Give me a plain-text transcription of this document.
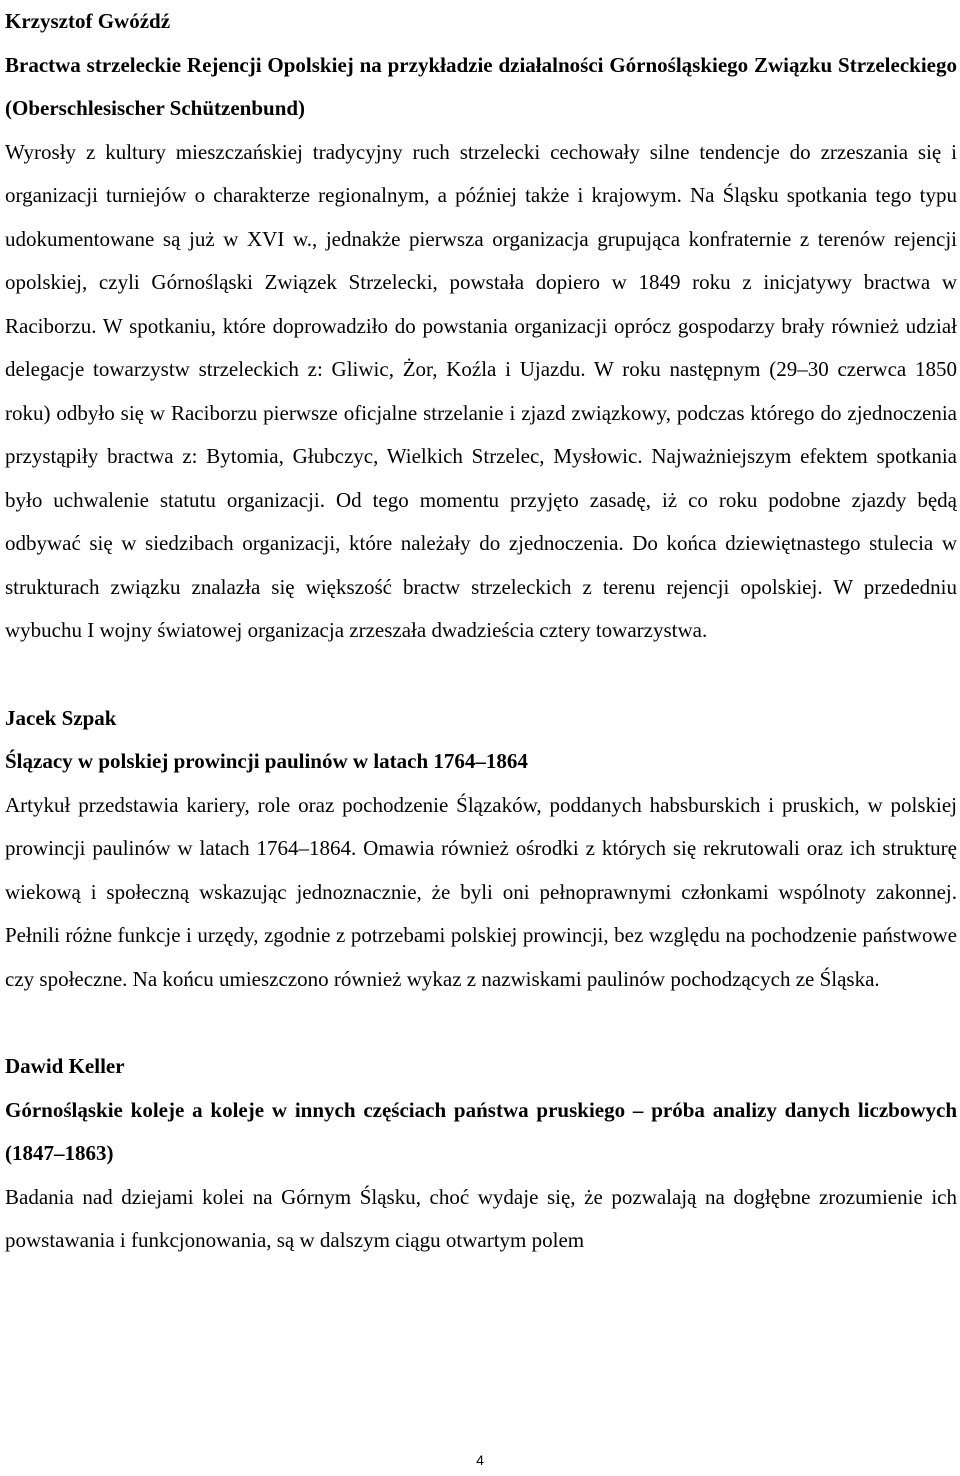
Krzysztof Gwóźdź

Bractwa strzeleckie Rejencji Opolskiej na przykładzie działalności Górnośląskiego Związku Strzeleckiego (Oberschlesischer Schützenbund)

Wyrosły z kultury mieszczańskiej tradycyjny ruch strzelecki cechowały silne tendencje do zrzeszania się i organizacji turniejów o charakterze regionalnym, a później także i krajowym. Na Śląsku spotkania tego typu udokumentowane są już w XVI w., jednakże pierwsza organizacja grupująca konfraternie z terenów rejencji opolskiej, czyli Górnośląski Związek Strzelecki, powstała dopiero w 1849 roku z inicjatywy bractwa w Raciborzu. W spotkaniu, które doprowadziło do powstania organizacji oprócz gospodarzy brały również udział delegacje towarzystw strzeleckich z: Gliwic, Żor, Koźla i Ujazdu. W roku następnym (29–30 czerwca 1850 roku) odbyło się w Raciborzu pierwsze oficjalne strzelanie i zjazd związkowy, podczas którego do zjednoczenia przystąpiły bractwa z: Bytomia, Głubczyc, Wielkich Strzelec, Mysłowic. Najważniejszym efektem spotkania było uchwalenie statutu organizacji. Od tego momentu przyjęto zasadę, iż co roku podobne zjazdy będą odbywać się w siedzibach organizacji, które należały do zjednoczenia. Do końca dziewiętnastego stulecia w strukturach związku znalazła się większość bractw strzeleckich z terenu rejencji opolskiej. W przededniu wybuchu I wojny światowej organizacja zrzeszała dwadzieścia cztery towarzystwa.

Jacek Szpak

Ślązacy w polskiej prowincji paulinów w latach 1764–1864

Artykuł przedstawia kariery, role oraz pochodzenie Ślązaków, poddanych habsburskich i pruskich, w polskiej prowincji paulinów w latach 1764–1864. Omawia również ośrodki z których się rekrutowali oraz ich strukturę wiekową i społeczną wskazując jednoznacznie, że byli oni pełnoprawnymi członkami wspólnoty zakonnej. Pełnili różne funkcje i urzędy, zgodnie z potrzebami polskiej prowincji, bez względu na pochodzenie państwowe czy społeczne. Na końcu umieszczono również wykaz z nazwiskami paulinów pochodzących ze Śląska.

Dawid Keller

Górnośląskie koleje a koleje w innych częściach państwa pruskiego – próba analizy danych liczbowych (1847–1863)

Badania nad dziejami kolei na Górnym Śląsku, choć wydaje się, że pozwalają na dogłębne zrozumienie ich powstawania i funkcjonowania, są w dalszym ciągu otwartym polem

4
